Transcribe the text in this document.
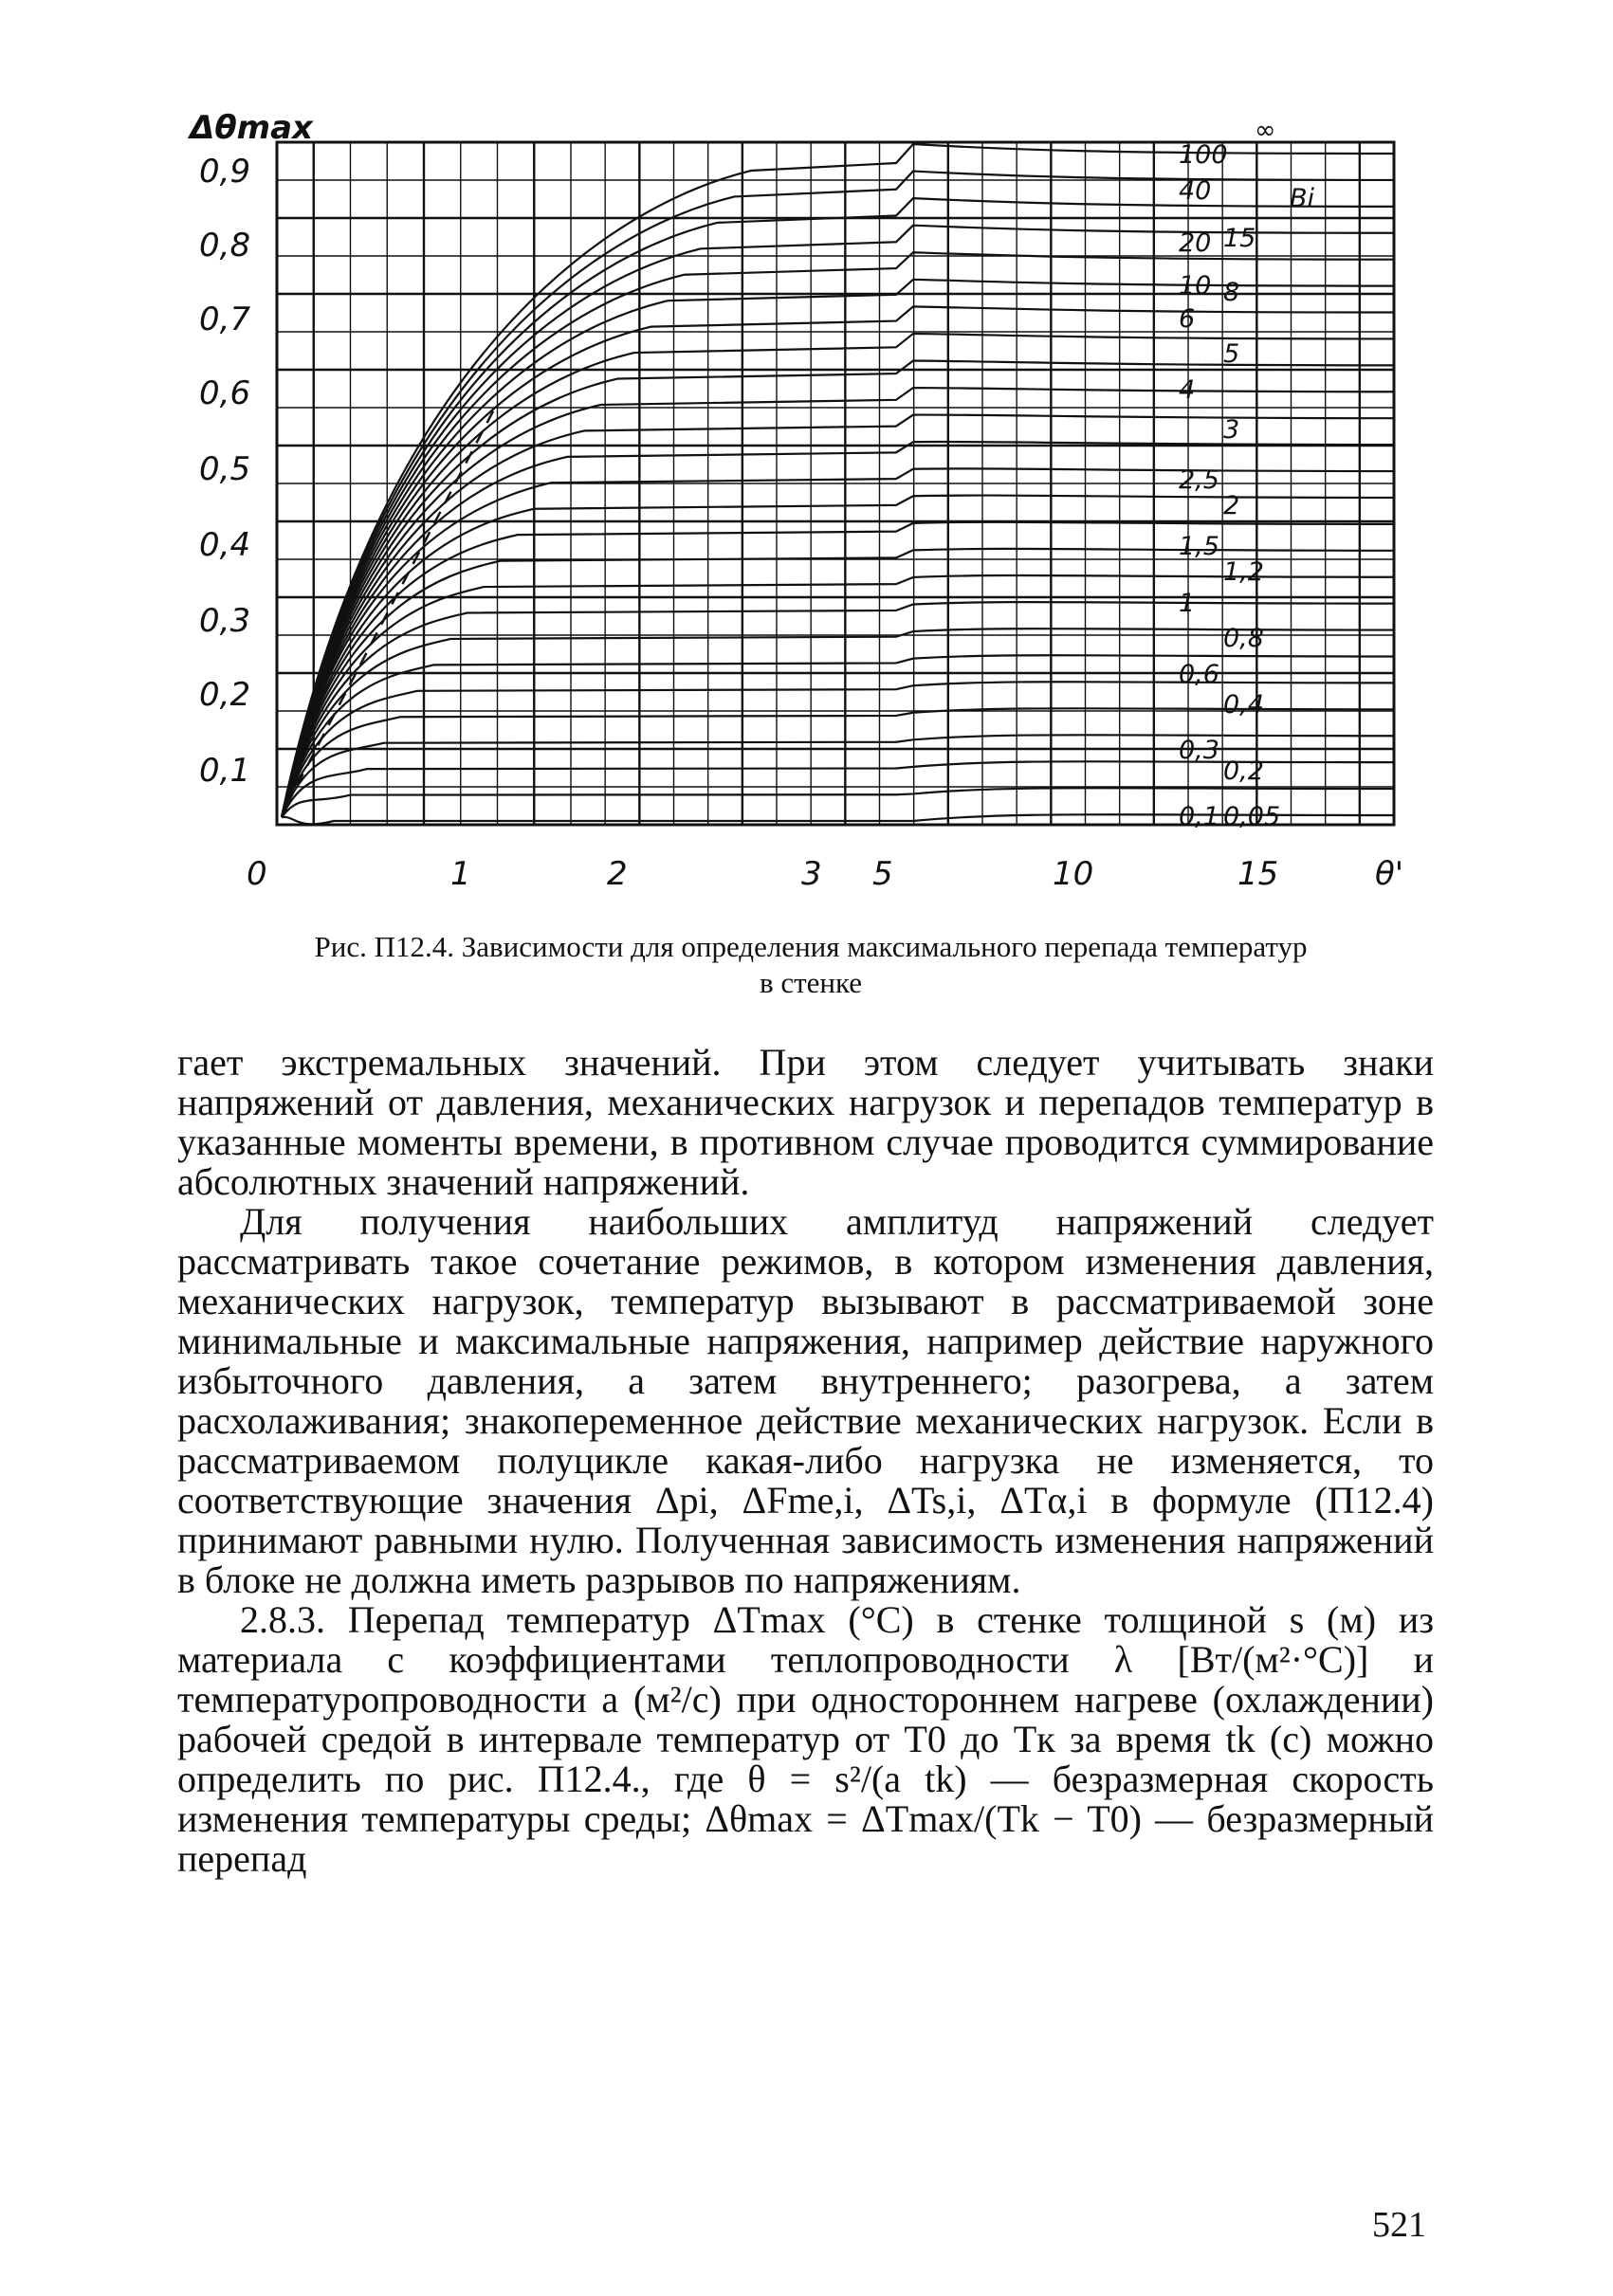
Δθmax
0,9
0,8
0,7
0,6
0,5
0,4
0,3
0,2
0,1
0	1	2	3 5	10	15	θ'
∞
Bi
100
40
20
10
6
4
2,5
1,5
1
0,6
0,3
0,1
15
8
5
3
2
1,2
0,8
0,4
0,2
0,05
Рис. П12.4. Зависимости для определения максимального перепада температур
в стенке

гает экстремальных значений. При этом следует учитывать знаки напряжений от давления, механических нагрузок и перепадов температур в указанные моменты времени, в противном случае проводится суммирование абсолютных значений напряжений.

Для получения наибольших амплитуд напряжений следует рассматривать такое сочетание режимов, в котором изменения давления, механических нагрузок, температур вызывают в рассматриваемой зоне минимальные и максимальные напряжения, например действие наружного избыточного давления, а затем внутреннего; разогрева, а затем расхолаживания; знакопеременное действие механических нагрузок. Если в рассматриваемом полуцикле какая-либо нагрузка не изменяется, то соответствующие значения Δpi, ΔFme,i, ΔTs,i, ΔTα,i в формуле (П12.4) принимают равными нулю. Полученная зависимость изменения напряжений в блоке не должна иметь разрывов по напряжениям.

2.8.3. Перепад температур ΔTmax (°С) в стенке толщиной s (м) из материала с коэффициентами теплопроводности λ [Вт/(м²·°С)] и температуропроводности a (м²/с) при одностороннем нагреве (охлаждении) рабочей средой в интервале температур от T0 до Tк за время tk (с) можно определить по рис. П12.4., где θ = s²/(a tk) — безразмерная скорость изменения температуры среды; Δθmax = ΔTmax/(Tk − T0) — безразмерный перепад

521
